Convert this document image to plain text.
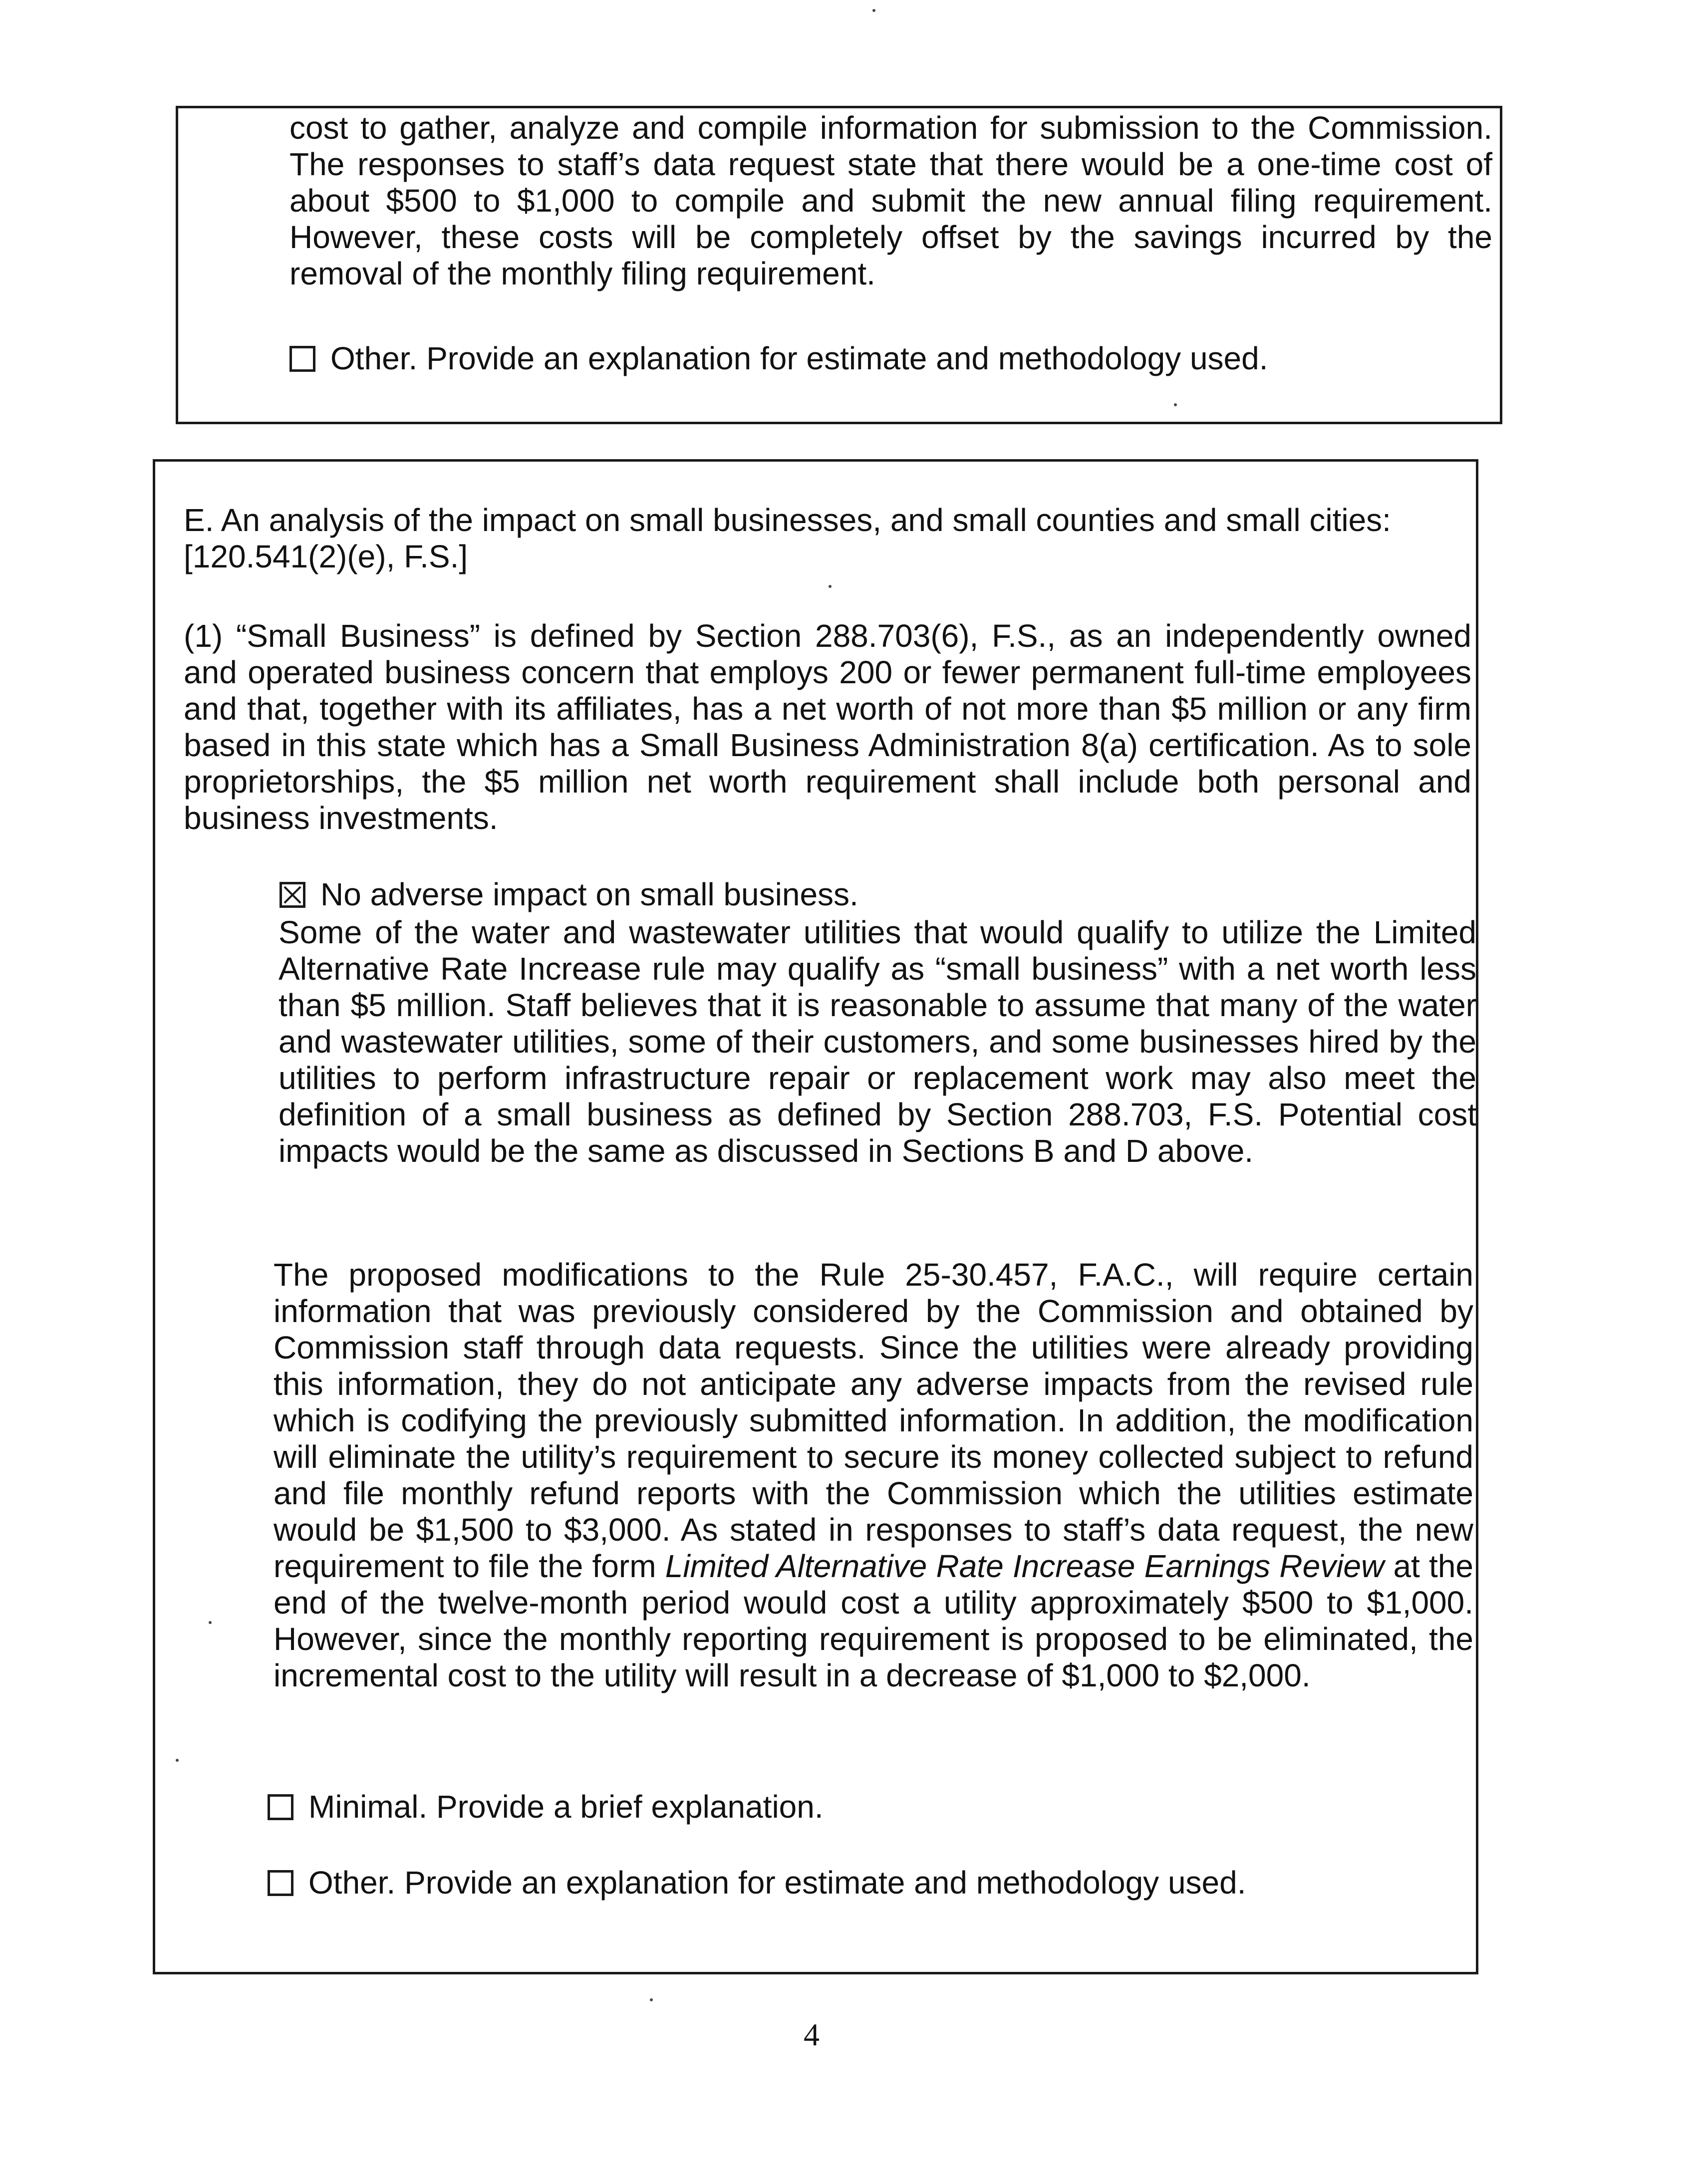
cost to gather, analyze and compile information for submission to the Commission. The responses to staff’s data request state that there would be a one-time cost of about $500 to $1,000 to compile and submit the new annual filing requirement. However, these costs will be completely offset by the savings incurred by the removal of the monthly filing requirement.

Other. Provide an explanation for estimate and methodology used.

E. An analysis of the impact on small businesses, and small counties and small cities: [120.541(2)(e), F.S.]

(1) “Small Business” is defined by Section 288.703(6), F.S., as an independently owned and operated business concern that employs 200 or fewer permanent full-time employees and that, together with its affiliates, has a net worth of not more than $5 million or any firm based in this state which has a Small Business Administration 8(a) certification. As to sole proprietorships, the $5 million net worth requirement shall include both personal and business investments.

No adverse impact on small business.

Some of the water and wastewater utilities that would qualify to utilize the Limited Alternative Rate Increase rule may qualify as “small business” with a net worth less than $5 million. Staff believes that it is reasonable to assume that many of the water and wastewater utilities, some of their customers, and some businesses hired by the utilities to perform infrastructure repair or replacement work may also meet the definition of a small business as defined by Section 288.703, F.S. Potential cost impacts would be the same as discussed in Sections B and D above.

The proposed modifications to the Rule 25-30.457, F.A.C., will require certain information that was previously considered by the Commission and obtained by Commission staff through data requests. Since the utilities were already providing this information, they do not anticipate any adverse impacts from the revised rule which is codifying the previously submitted information. In addition, the modification will eliminate the utility’s requirement to secure its money collected subject to refund and file monthly refund reports with the Commission which the utilities estimate would be $1,500 to $3,000. As stated in responses to staff’s data request, the new requirement to file the form Limited Alternative Rate Increase Earnings Review at the end of the twelve-month period would cost a utility approximately $500 to $1,000. However, since the monthly reporting requirement is proposed to be eliminated, the incremental cost to the utility will result in a decrease of $1,000 to $2,000.

Minimal. Provide a brief explanation.
Other. Provide an explanation for estimate and methodology used.
4
